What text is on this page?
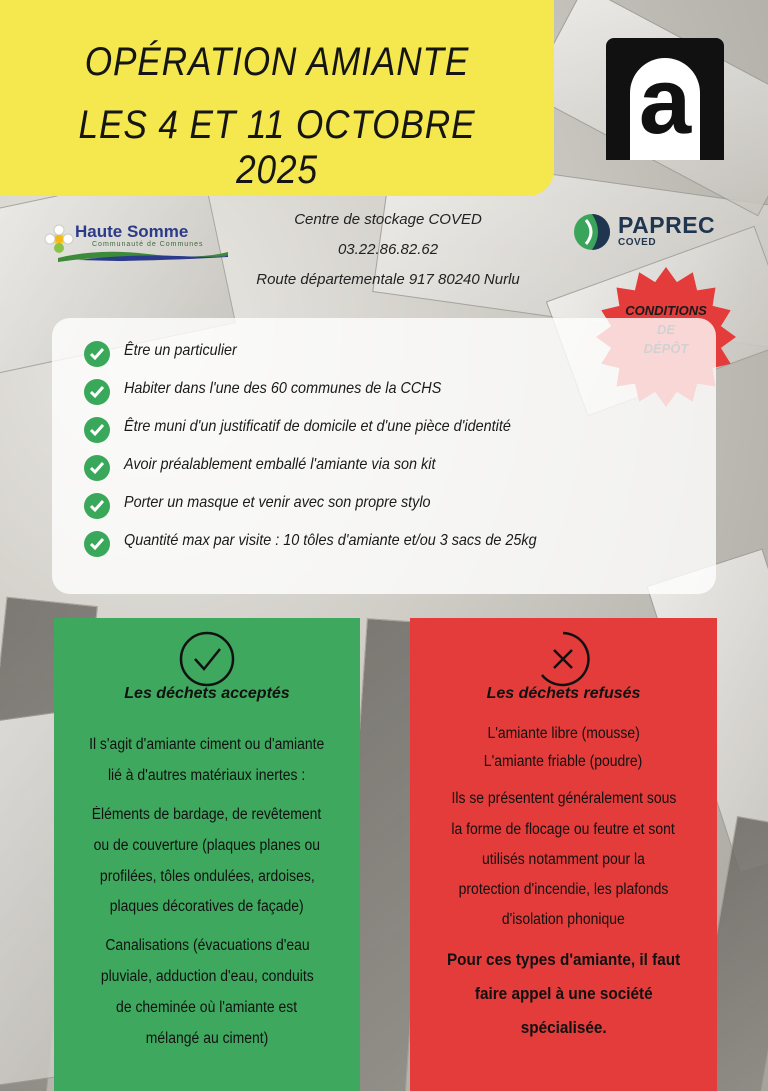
OPÉRATION AMIANTE
LES 4 ET 11 OCTOBRE 2025
a
Haute Somme
Communauté de Communes
Centre de stockage COVED
03.22.86.82.62
Route départementale 917 80240 Nurlu
PAPREC
COVED
CONDITIONS
Être un particulier
Habiter dans l'une des 60 communes de la CCHS
Être muni d'un justificatif de domicile et d'une pièce d'identité
Avoir préalablement emballé l'amiante via son kit
Porter un masque et venir avec son propre stylo
Quantité max par visite : 10 tôles d'amiante et/ou 3 sacs de 25kg
Les déchets acceptés
Il s'agit d'amiante ciment ou d'amiante
lié à d'autres matériaux inertes :
Éléments de bardage, de revêtement
ou de couverture (plaques planes ou
profilées, tôles ondulées, ardoises,
plaques décoratives de façade)
Canalisations (évacuations d'eau
pluviale, adduction d'eau, conduits
de cheminée où l'amiante est
mélangé au ciment)
Les déchets refusés
L'amiante libre (mousse)
L'amiante friable (poudre)
Ils se présentent généralement sous
la forme de flocage ou feutre et sont
utilisés notamment pour la
protection d'incendie, les plafonds
d'isolation phonique
Pour ces types d'amiante, il faut
faire appel à une société
spécialisée.
